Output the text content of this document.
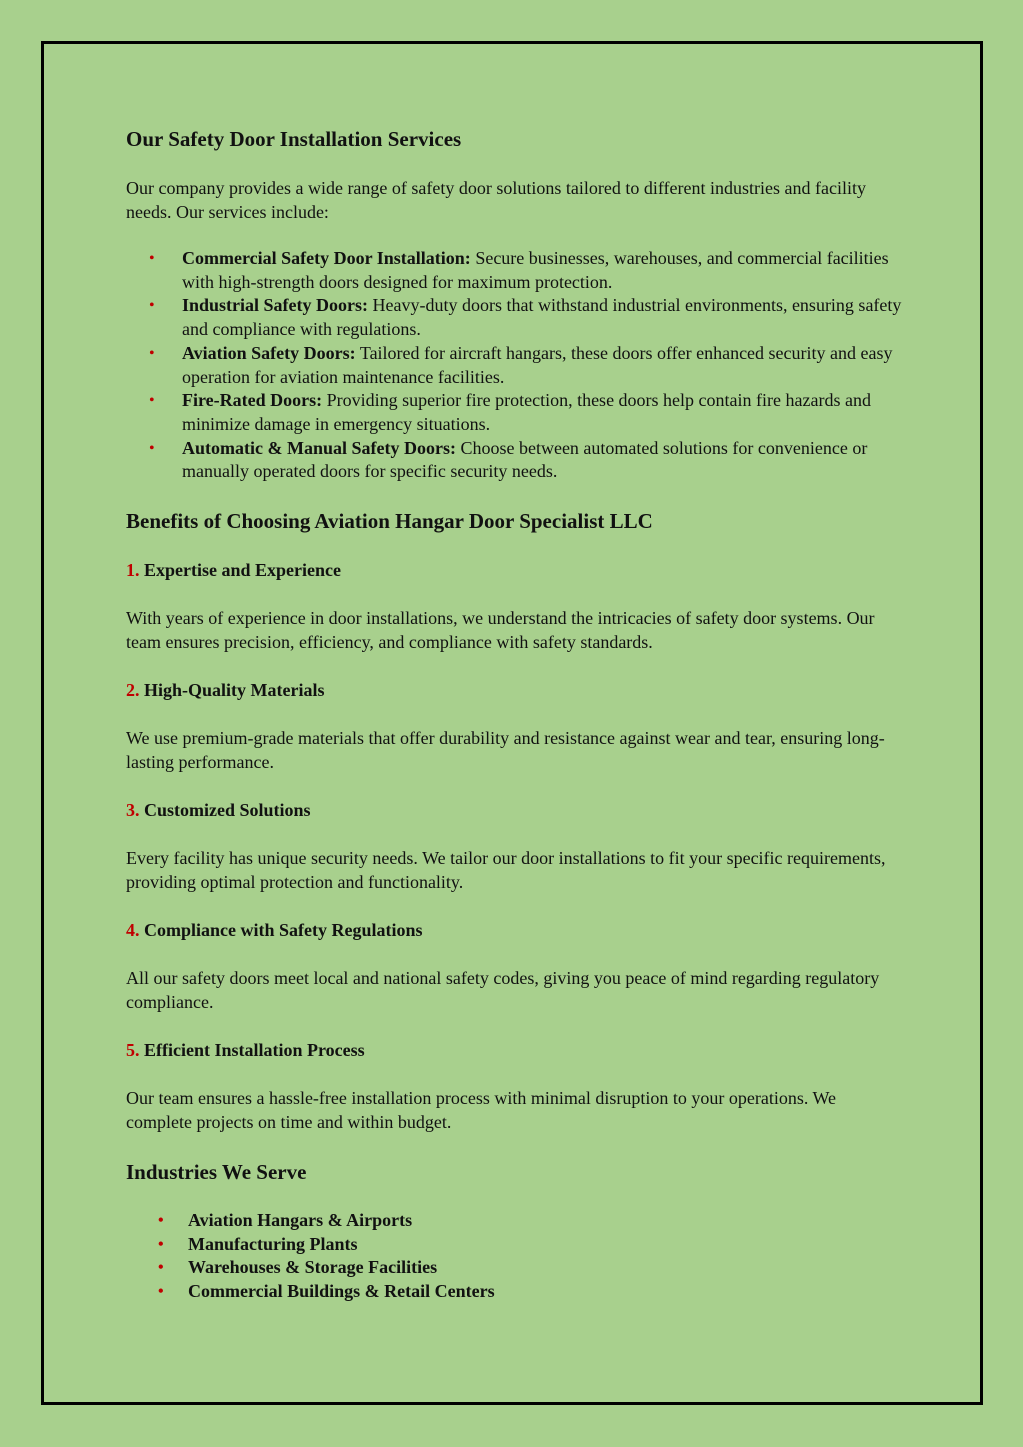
Our Safety Door Installation Services

Our company provides a wide range of safety door solutions tailored to different industries and facility needs. Our services include:

• Commercial Safety Door Installation: Secure businesses, warehouses, and commercial facilities with high-strength doors designed for maximum protection.
• Industrial Safety Doors: Heavy-duty doors that withstand industrial environments, ensuring safety and compliance with regulations.
• Aviation Safety Doors: Tailored for aircraft hangars, these doors offer enhanced security and easy operation for aviation maintenance facilities.
• Fire-Rated Doors: Providing superior fire protection, these doors help contain fire hazards and minimize damage in emergency situations.
• Automatic & Manual Safety Doors: Choose between automated solutions for convenience or manually operated doors for specific security needs.
Benefits of Choosing Aviation Hangar Door Specialist LLC
1. Expertise and Experience

With years of experience in door installations, we understand the intricacies of safety door systems. Our team ensures precision, efficiency, and compliance with safety standards.

2. High-Quality Materials

We use premium-grade materials that offer durability and resistance against wear and tear, ensuring long-lasting performance.

3. Customized Solutions

Every facility has unique security needs. We tailor our door installations to fit your specific requirements, providing optimal protection and functionality.

4. Compliance with Safety Regulations

All our safety doors meet local and national safety codes, giving you peace of mind regarding regulatory compliance.

5. Efficient Installation Process

Our team ensures a hassle-free installation process with minimal disruption to your operations. We complete projects on time and within budget.

Industries We Serve
• Aviation Hangars & Airports
• Manufacturing Plants
• Warehouses & Storage Facilities
• Commercial Buildings & Retail Centers
